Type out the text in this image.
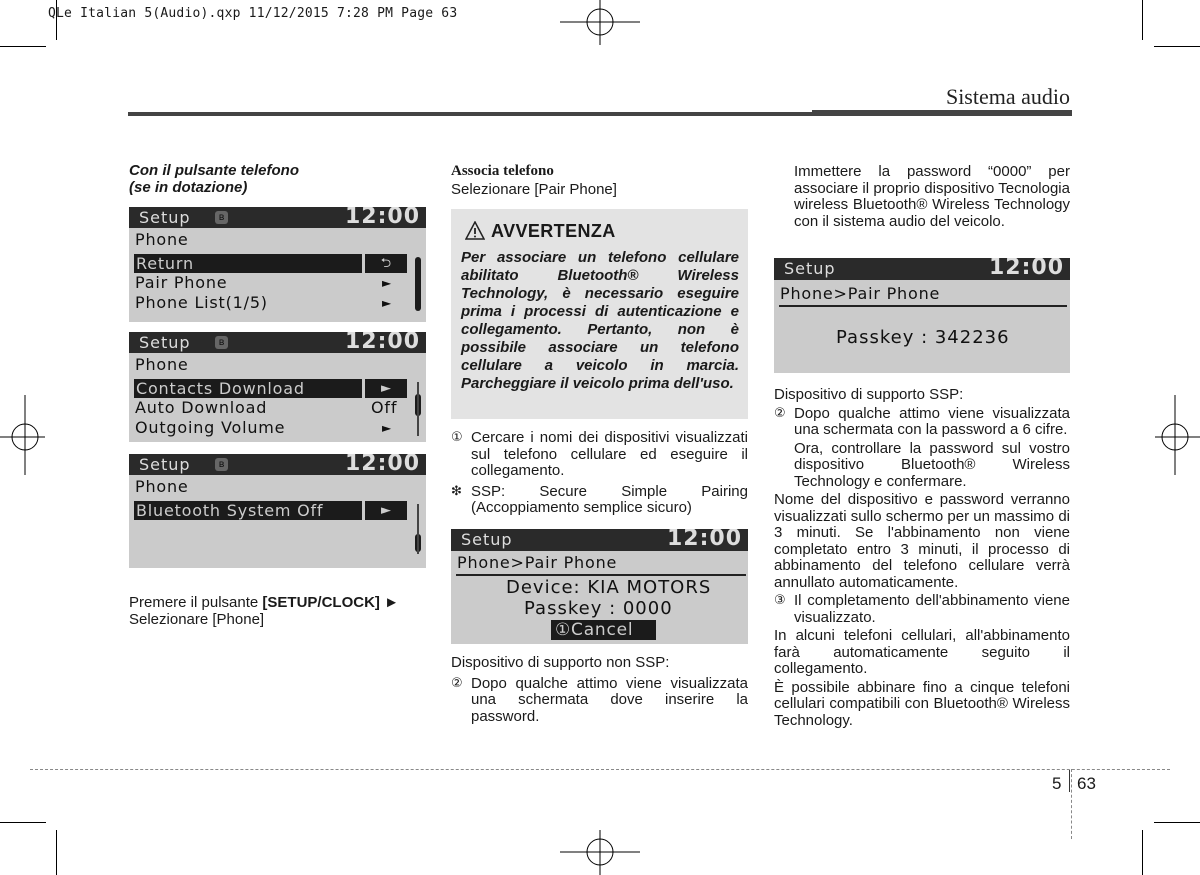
QLe Italian 5(Audio).qxp 11/12/2015 7:28 PM Page 63
Sistema audio
Con il pulsante telefono
(se in dotazione)
Setup	ʙ	12:00
Phone
Return	⮌
Pair Phone	►
Phone List(1/5)	►
Setup	ʙ	12:00
Phone
Contacts Download	►
Auto Download	Off
Outgoing Volume	►
Setup	ʙ	12:00
Phone
Bluetooth System Off	►
Premere il pulsante [SETUP/CLOCK] ►
Selezionare [Phone]
Associa telefono
Selezionare [Pair Phone]
AVVERTENZA
Per associare un telefono cellulare abilitato Bluetooth® Wireless Technology, è necessario eseguire prima i processi di autenticazione e collegamento. Pertanto, non è possibile associare un telefono cellulare a veicolo in marcia. Parcheggiare il veicolo prima dell'uso.
① Cercare i nomi dei dispositivi visualizzati sul telefono cellulare ed eseguire il collegamento.
❇ SSP: Secure Simple Pairing (Accoppiamento semplice sicuro)
Setup	12:00
Phone>Pair Phone
Device: KIA MOTORS
Passkey : 0000
①Cancel
Dispositivo di supporto non SSP:
② Dopo qualche attimo viene visualizzata una schermata dove inserire la password.
Immettere la password “0000” per associare il proprio dispositivo Tecnologia wireless Bluetooth® Wireless Technology con il sistema audio del veicolo.
Setup	12:00
Phone>Pair Phone
Passkey : 342236
Dispositivo di supporto SSP:
② Dopo qualche attimo viene visualizzata una schermata con la password a 6 cifre.
Ora, controllare la password sul vostro dispositivo Bluetooth® Wireless Technology e confermare.
Nome del dispositivo e password verranno visualizzati sullo schermo per un massimo di 3 minuti. Se l'abbinamento non viene completato entro 3 minuti, il processo di abbinamento del telefono cellulare verrà annullato automaticamente.
③ Il completamento dell'abbinamento viene visualizzato.
In alcuni telefoni cellulari, all'abbinamento farà automaticamente seguito il collegamento.
È possibile abbinare fino a cinque telefoni cellulari compatibili con Bluetooth® Wireless Technology.
5 63
